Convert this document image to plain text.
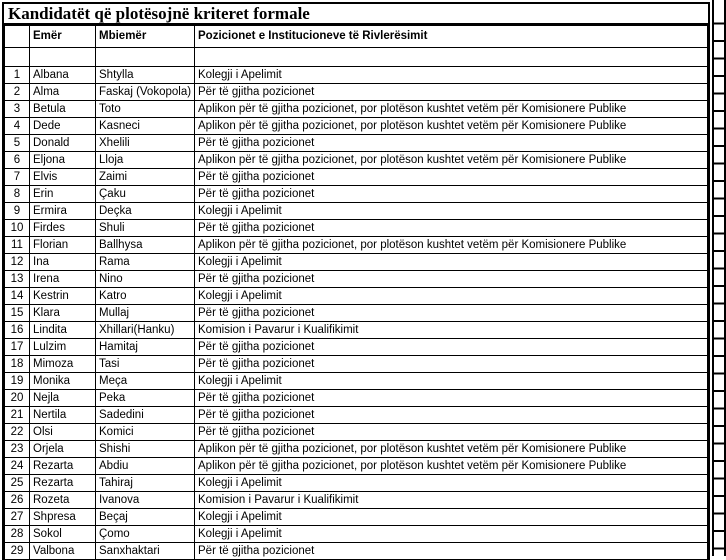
Kandidatët që plotësojnë kriteret formale
	Emër	Mbiemër	Pozicionet e Institucioneve të Rivlerësimit

1	Albana	Shtylla	Kolegji i Apelimit
2	Alma	Faskaj (Vokopola)	Për të gjitha pozicionet
3	Betula	Toto	Aplikon për të gjitha pozicionet, por plotëson kushtet vetëm për Komisionere Publike
4	Dede	Kasneci	Aplikon për të gjitha pozicionet, por plotëson kushtet vetëm për Komisionere Publike
5	Donald	Xhelili	Për të gjitha pozicionet
6	Eljona	Lloja	Aplikon për të gjitha pozicionet, por plotëson kushtet vetëm për Komisionere Publike
7	Elvis	Zaimi	Për të gjitha pozicionet
8	Erin	Çaku	Për të gjitha pozicionet
9	Ermira	Deçka	Kolegji i Apelimit
10	Firdes	Shuli	Për të gjitha pozicionet
11	Florian	Ballhysa	Aplikon për të gjitha pozicionet, por plotëson kushtet vetëm për Komisionere Publike
12	Ina	Rama	Kolegji i Apelimit
13	Irena	Nino	Për të gjitha pozicionet
14	Kestrin	Katro	Kolegji i Apelimit
15	Klara	Mullaj	Për të gjitha pozicionet
16	Lindita	Xhillari(Hanku)	Komision i Pavarur i Kualifikimit
17	Lulzim	Hamitaj	Për të gjitha pozicionet
18	Mimoza	Tasi	Për të gjitha pozicionet
19	Monika	Meça	Kolegji i Apelimit
20	Nejla	Peka	Për të gjitha pozicionet
21	Nertila	Sadedini	Për të gjitha pozicionet
22	Olsi	Komici	Për të gjitha pozicionet
23	Orjela	Shishi	Aplikon për të gjitha pozicionet, por plotëson kushtet vetëm për Komisionere Publike
24	Rezarta	Abdiu	Aplikon për të gjitha pozicionet, por plotëson kushtet vetëm për Komisionere Publike
25	Rezarta	Tahiraj	Kolegji i Apelimit
26	Rozeta	Ivanova	Komision i Pavarur i Kualifikimit
27	Shpresa	Beçaj	Kolegji i Apelimit
28	Sokol	Çomo	Kolegji i Apelimit
29	Valbona	Sanxhaktari	Për të gjitha pozicionet
